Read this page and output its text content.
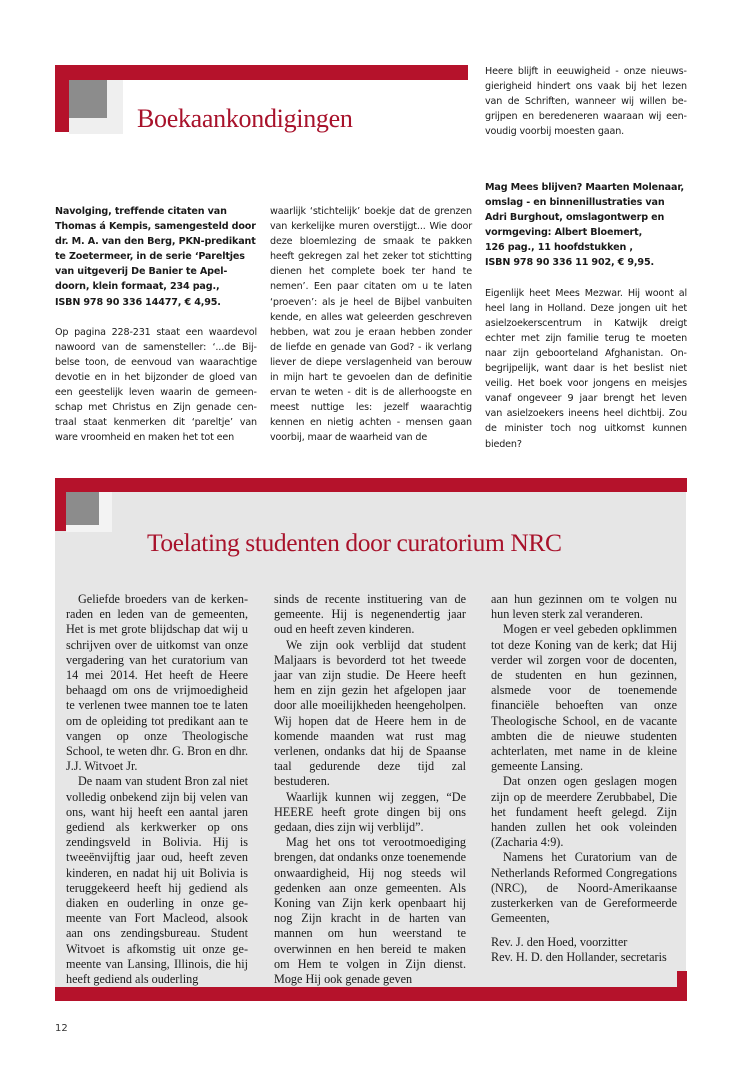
Boekaankondigingen

Heere blijft in eeuwigheid - onze nieuwsgierigheid hindert ons vaak bij het lezen van de Schriften, wanneer wij willen begrijpen en beredeneren waaraan wij eenvoudig voorbij moesten gaan.

Navolging, treffende citaten van
Thomas á Kempis, samengesteld door
dr. M. A. van den Berg, PKN-predikant
te Zoetermeer, in de serie ‘Pareltjes
van uitgeverij De Banier te Apel-
doorn, klein formaat, 234 pag.,
ISBN 978 90 336 14477, € 4,95.

Op pagina 228-231 staat een waardevol nawoord van de samensteller: ‘...de Bijbelse toon, de eenvoud van waarachtige devotie en in het bijzonder de gloed van een geestelijk leven waarin de gemeenschap met Christus en Zijn genade centraal staat kenmerken dit ‘pareltje’ van ware vroomheid en maken het tot een

waarlijk ‘stichtelijk’ boekje dat de grenzen van kerkelijke muren overstijgt... Wie door deze bloemlezing de smaak te pakken heeft gekregen zal het zeker tot stichtting dienen het complete boek ter hand te nemen’. Een paar citaten om u te laten ‘proeven’: als je heel de Bijbel vanbuiten kende, en alles wat geleerden geschreven hebben, wat zou je eraan hebben zonder de liefde en genade van God? - ik verlang liever de diepe verslagenheid van berouw in mijn hart te gevoelen dan de definitie ervan te weten - dit is de allerhoogste en meest nuttige les: jezelf waarachtig kennen en nietig achten - mensen gaan voorbij, maar de waarheid van de

Mag Mees blijven? Maarten Molenaar,
omslag - en binnenillustraties van
Adri Burghout, omslagontwerp en
vormgeving: Albert Bloemert,
126 pag., 11 hoofdstukken ,
ISBN 978 90 336 11 902, € 9,95.

Eigenlijk heet Mees Mezwar. Hij woont al heel lang in Holland. Deze jongen uit het asielzoekerscentrum in Katwijk dreigt echter met zijn familie terug te moeten naar zijn geboorteland Afghanistan. Onbegrijpelijk, want daar is het beslist niet veilig. Het boek voor jongens en meisjes vanaf ongeveer 9 jaar brengt het leven van asielzoekers ineens heel dichtbij. Zou de minister toch nog uitkomst kunnen bieden?

Toelating studenten door curatorium NRC

Geliefde broeders van de kerkenraden en leden van de gemeenten, Het is met grote blijdschap dat wij u schrijven over de uitkomst van onze vergadering van het curatorium van 14 mei 2014. Het heeft de Heere behaagd om ons de vrijmoedigheid te verlenen twee mannen toe te laten om de opleiding tot predikant aan te vangen op onze Theologische School, te weten dhr. G. Bron en dhr. J.J. Witvoet Jr.

De naam van student Bron zal niet volledig onbekend zijn bij velen van ons, want hij heeft een aantal jaren gediend als kerkwerker op ons zendingsveld in Bolivia. Hij is tweeënvijftig jaar oud, heeft zeven kinderen, en nadat hij uit Bolivia is teruggekeerd heeft hij gediend als diaken en ouderling in onze gemeente van Fort Macleod, alsook aan ons zendingsbureau. Student Witvoet is afkomstig uit onze gemeente van Lansing, Illinois, die hij heeft gediend als ouderling

sinds de recente instituering van de gemeente. Hij is negenendertig jaar oud en heeft zeven kinderen.

We zijn ook verblijd dat student Maljaars is bevorderd tot het tweede jaar van zijn studie. De Heere heeft hem en zijn gezin het afgelopen jaar door alle moeilijkheden heengeholpen. Wij hopen dat de Heere hem in de komende maanden wat rust mag verlenen, ondanks dat hij de Spaanse taal gedurende deze tijd zal bestuderen.

Waarlijk kunnen wij zeggen, “De HEERE heeft grote dingen bij ons gedaan, dies zijn wij verblijd”.

Mag het ons tot verootmoediging brengen, dat ondanks onze toenemende onwaardigheid, Hij nog steeds wil gedenken aan onze gemeenten. Als Koning van Zijn kerk openbaart hij nog Zijn kracht in de harten van mannen om hun weerstand te overwinnen en hen bereid te maken om Hem te volgen in Zijn dienst. Moge Hij ook genade geven

aan hun gezinnen om te volgen nu hun leven sterk zal veranderen.

Mogen er veel gebeden opklimmen tot deze Koning van de kerk; dat Hij verder wil zorgen voor de docenten, de studenten en hun gezinnen, alsmede voor de toenemende financiële behoeften van onze Theologische School, en de vacante ambten die de nieuwe studenten achterlaten, met name in de kleine gemeente Lansing.

Dat onzen ogen geslagen mogen zijn op de meerdere Zerubbabel, Die het fundament heeft gelegd. Zijn handen zullen het ook voleinden (Zacharia 4:9).

Namens het Curatorium van de Netherlands Reformed Congregations (NRC), de Noord-Amerikaanse zusterkerken van de Gereformeerde Gemeenten,

Rev. J. den Hoed, voorzitter
Rev. H. D. den Hollander, secretaris
12
